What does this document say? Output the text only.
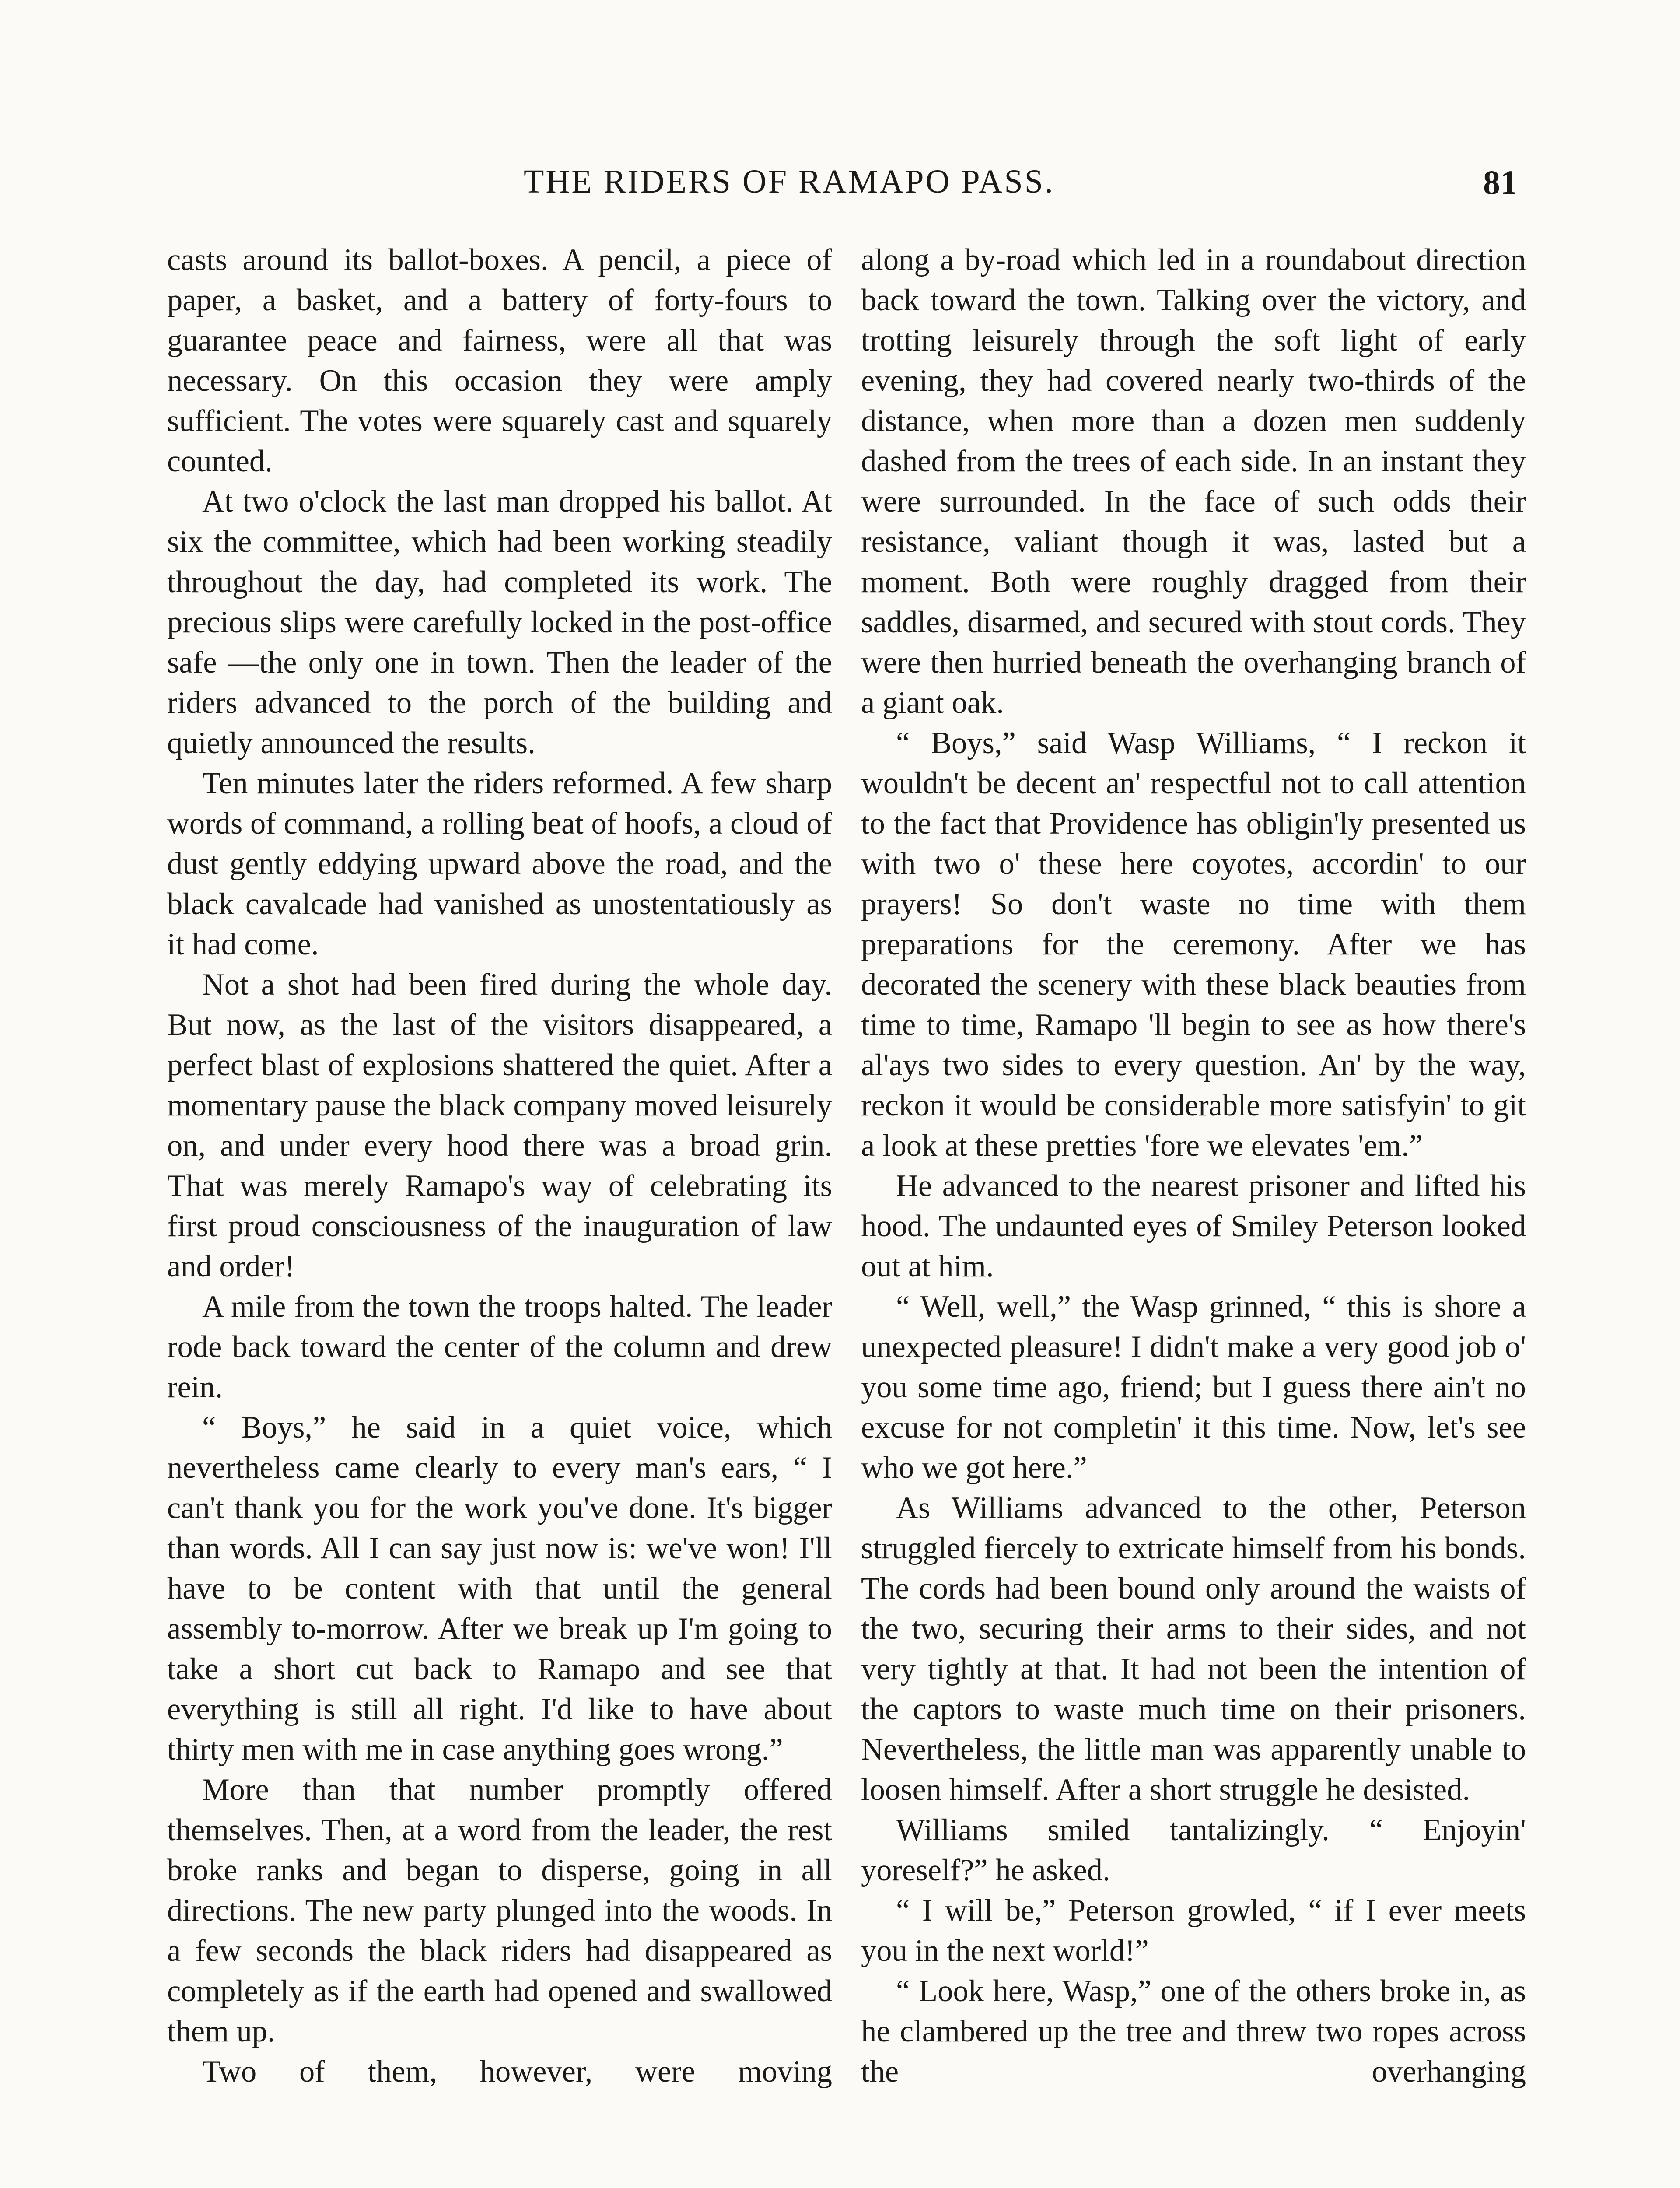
THE RIDERS OF RAMAPO PASS.	81

casts around its ballot-boxes. A pencil, a piece of paper, a basket, and a battery of forty-fours to guarantee peace and fairness, were all that was necessary. On this occasion they were amply sufficient. The votes were squarely cast and squarely counted.

At two o'clock the last man dropped his ballot. At six the committee, which had been working steadily throughout the day, had completed its work. The precious slips were carefully locked in the post-office safe —the only one in town. Then the leader of the riders advanced to the porch of the building and quietly announced the results.

Ten minutes later the riders reformed. A few sharp words of command, a rolling beat of hoofs, a cloud of dust gently eddying upward above the road, and the black cavalcade had vanished as unostentatiously as it had come.

Not a shot had been fired during the whole day. But now, as the last of the visitors disappeared, a perfect blast of explosions shattered the quiet. After a momentary pause the black company moved leisurely on, and under every hood there was a broad grin. That was merely Ramapo's way of celebrating its first proud consciousness of the inauguration of law and order!

A mile from the town the troops halted. The leader rode back toward the center of the column and drew rein.

“ Boys,” he said in a quiet voice, which nevertheless came clearly to every man's ears, “ I can't thank you for the work you've done. It's bigger than words. All I can say just now is: we've won! I'll have to be content with that until the general assembly to-morrow. After we break up I'm going to take a short cut back to Ramapo and see that everything is still all right. I'd like to have about thirty men with me in case anything goes wrong.”

More than that number promptly offered themselves. Then, at a word from the leader, the rest broke ranks and began to disperse, going in all directions. The new party plunged into the woods. In a few seconds the black riders had disappeared as completely as if the earth had opened and swallowed them up.

Two of them, however, were moving

along a by-road which led in a roundabout direction back toward the town. Talking over the victory, and trotting leisurely through the soft light of early evening, they had covered nearly two-thirds of the distance, when more than a dozen men suddenly dashed from the trees of each side. In an instant they were surrounded. In the face of such odds their resistance, valiant though it was, lasted but a moment. Both were roughly dragged from their saddles, disarmed, and secured with stout cords. They were then hurried beneath the overhanging branch of a giant oak.

“ Boys,” said Wasp Williams, “ I reckon it wouldn't be decent an' respectful not to call attention to the fact that Providence has obligin'ly presented us with two o' these here coyotes, accordin' to our prayers! So don't waste no time with them preparations for the ceremony. After we has decorated the scenery with these black beauties from time to time, Ramapo 'll begin to see as how there's al'ays two sides to every question. An' by the way, reckon it would be considerable more satisfyin' to git a look at these pretties 'fore we elevates 'em.”

He advanced to the nearest prisoner and lifted his hood. The undaunted eyes of Smiley Peterson looked out at him.

“ Well, well,” the Wasp grinned, “ this is shore a unexpected pleasure! I didn't make a very good job o' you some time ago, friend; but I guess there ain't no excuse for not completin' it this time. Now, let's see who we got here.”

As Williams advanced to the other, Peterson struggled fiercely to extricate himself from his bonds. The cords had been bound only around the waists of the two, securing their arms to their sides, and not very tightly at that. It had not been the intention of the captors to waste much time on their prisoners. Nevertheless, the little man was apparently unable to loosen himself. After a short struggle he desisted.

Williams smiled tantalizingly. “ Enjoyin' yoreself?” he asked.

“ I will be,” Peterson growled, “ if I ever meets you in the next world!”

“ Look here, Wasp,” one of the others broke in, as he clambered up the tree and threw two ropes across the overhanging
